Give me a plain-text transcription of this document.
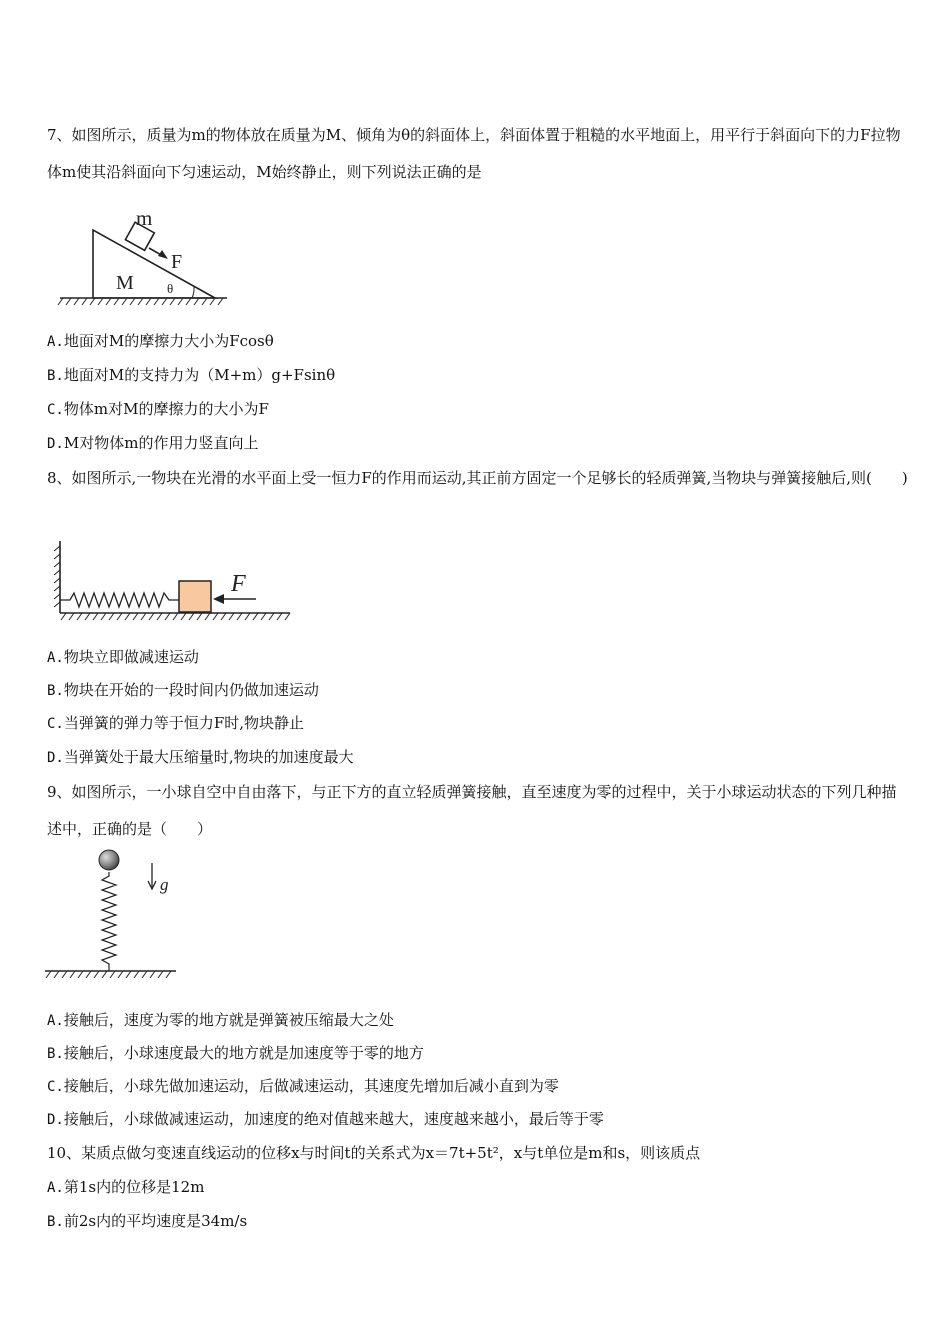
7、如图所示，质量为m的物体放在质量为M、倾角为θ的斜面体上，斜面体置于粗糙的水平地面上，用平行于斜面向下的力F拉物体m使其沿斜面向下匀速运动，M始终静止，则下列说法正确的是

m
F
M	θ
A.地面对M的摩擦力大小为Fcosθ
B.地面对M的支持力为（M+m）g+Fsinθ
C.物体m对M的摩擦力的大小为F
D.M对物体m的作用力竖直向上

8、如图所示,一物块在光滑的水平面上受一恒力F的作用而运动,其正前方固定一个足够长的轻质弹簧,当物块与弹簧接触后,则(　　)

F
A.物块立即做减速运动
B.物块在开始的一段时间内仍做加速运动
C.当弹簧的弹力等于恒力F时,物块静止
D.当弹簧处于最大压缩量时,物块的加速度最大

9、如图所示，一小球自空中自由落下，与正下方的直立轻质弹簧接触，直至速度为零的过程中，关于小球运动状态的下列几种描述中，正确的是（　　）

g
A.接触后，速度为零的地方就是弹簧被压缩最大之处
B.接触后，小球速度最大的地方就是加速度等于零的地方
C.接触后，小球先做加速运动，后做减速运动，其速度先增加后减小直到为零
D.接触后，小球做减速运动，加速度的绝对值越来越大，速度越来越小，最后等于零
10、某质点做匀变速直线运动的位移x与时间t的关系式为x＝7t+5t²，x与t单位是m和s，则该质点
A.第1s内的位移是12m
B.前2s内的平均速度是34m/s
